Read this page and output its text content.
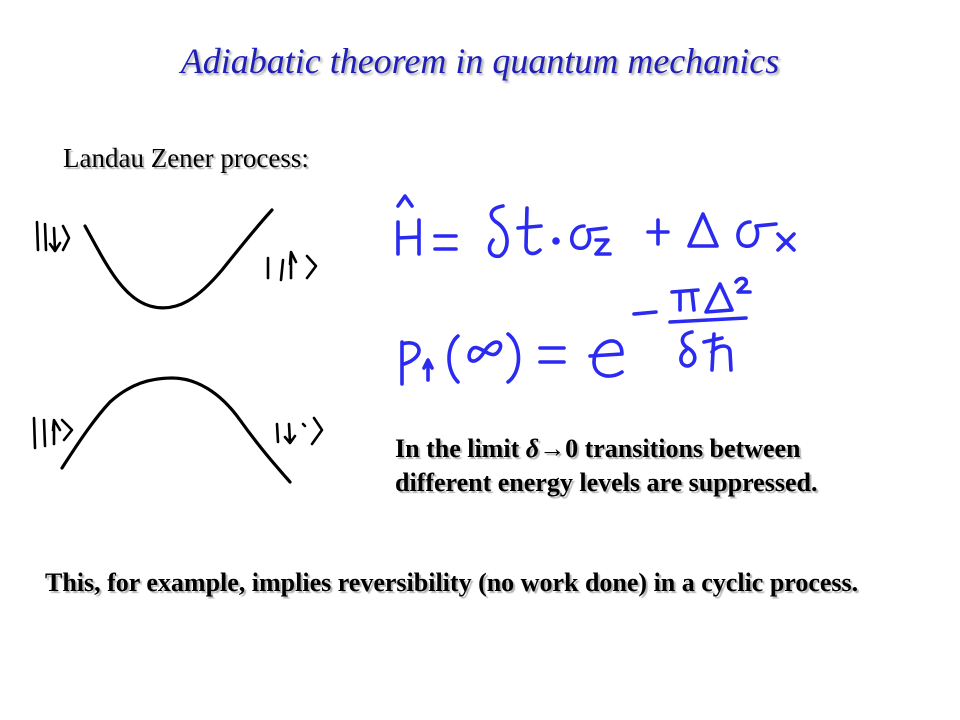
Adiabatic theorem in quantum mechanics
Landau Zener process:
In the limit δ→0 transitions between
different energy levels are suppressed.
This, for example, implies reversibility (no work done) in a cyclic process.
